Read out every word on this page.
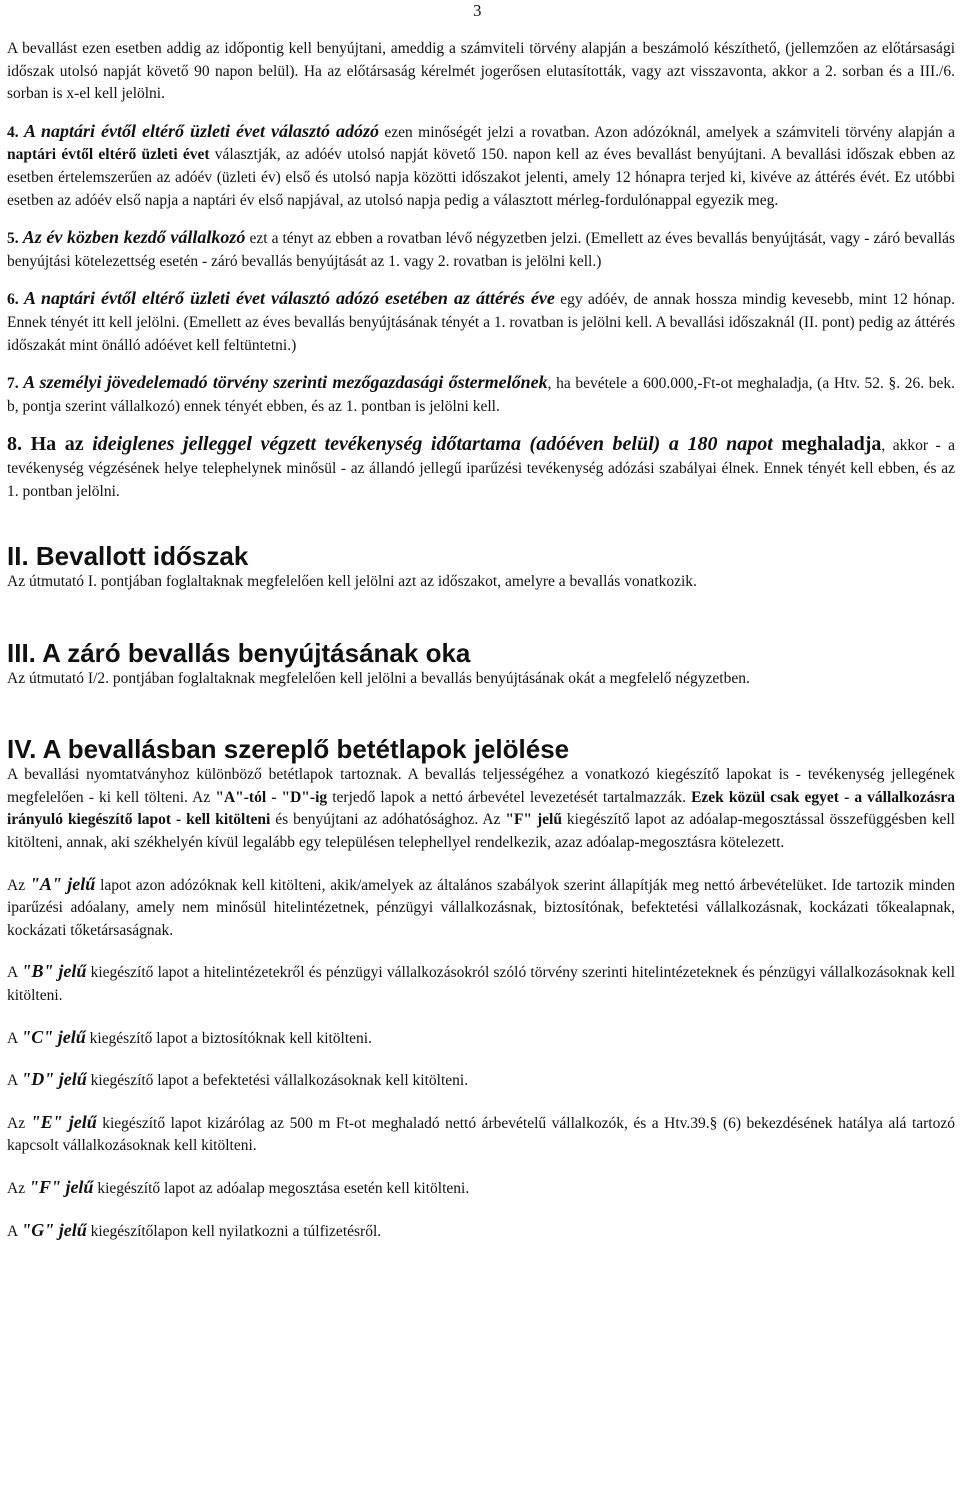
3

A bevallást ezen esetben addig az időpontig kell benyújtani, ameddig a számviteli törvény alapján a beszámoló készíthető, (jellemzően az előtársasági időszak utolsó napját követő 90 napon belül). Ha az előtársaság kérelmét jogerősen elutasították, vagy azt visszavonta, akkor a 2. sorban és a III./6. sorban is x-el kell jelölni.

4. A naptári évtől eltérő üzleti évet választó adózó ezen minőségét jelzi a rovatban. Azon adózóknál, amelyek a számviteli törvény alapján a naptári évtől eltérő üzleti évet választják, az adóév utolsó napját követő 150. napon kell az éves bevallást benyújtani. A bevallási időszak ebben az esetben értelemszerűen az adóév (üzleti év) első és utolsó napja közötti időszakot jelenti, amely 12 hónapra terjed ki, kivéve az áttérés évét. Ez utóbbi esetben az adóév első napja a naptári év első napjával, az utolsó napja pedig a választott mérleg-fordulónappal egyezik meg.

5. Az év közben kezdő vállalkozó ezt a tényt az ebben a rovatban lévő négyzetben jelzi. (Emellett az éves bevallás benyújtását, vagy - záró bevallás benyújtási kötelezettség esetén - záró bevallás benyújtását az 1. vagy 2. rovatban is jelölni kell.)

6. A naptári évtől eltérő üzleti évet választó adózó esetében az áttérés éve egy adóév, de annak hossza mindig kevesebb, mint 12 hónap. Ennek tényét itt kell jelölni. (Emellett az éves bevallás benyújtásának tényét a 1. rovatban is jelölni kell. A bevallási időszaknál (II. pont) pedig az áttérés időszakát mint önálló adóévet kell feltüntetni.)

7. A személyi jövedelemadó törvény szerinti mezőgazdasági őstermelőnek, ha bevétele a 600.000,-Ft-ot meghaladja, (a Htv. 52. §. 26. bek. b, pontja szerint vállalkozó) ennek tényét ebben, és az 1. pontban is jelölni kell.

8. Ha az ideiglenes jelleggel végzett tevékenység időtartama (adóéven belül) a 180 napot meghaladja, akkor - a tevékenység végzésének helye telephelynek minősül - az állandó jellegű iparűzési tevékenység adózási szabályai élnek. Ennek tényét kell ebben, és az 1. pontban jelölni.

II. Bevallott időszak

Az útmutató I. pontjában foglaltaknak megfelelően kell jelölni azt az időszakot, amelyre a bevallás vonatkozik.

III. A záró bevallás benyújtásának oka

Az útmutató I/2. pontjában foglaltaknak megfelelően kell jelölni a bevallás benyújtásának okát a megfelelő négyzetben.

IV. A bevallásban szereplő betétlapok jelölése

A bevallási nyomtatványhoz különböző betétlapok tartoznak. A bevallás teljességéhez a vonatkozó kiegészítő lapokat is - tevékenység jellegének megfelelően - ki kell tölteni. Az "A"-tól - "D"-ig terjedő lapok a nettó árbevétel levezetését tartalmazzák. Ezek közül csak egyet - a vállalkozásra irányuló kiegészítő lapot - kell kitölteni és benyújtani az adóhatósághoz. Az "F" jelű kiegészítő lapot az adóalap-megosztással összefüggésben kell kitölteni, annak, aki székhelyén kívül legalább egy településen telephellyel rendelkezik, azaz adóalap-megosztásra kötelezett.

Az "A" jelű lapot azon adózóknak kell kitölteni, akik/amelyek az általános szabályok szerint állapítják meg nettó árbevételüket. Ide tartozik minden iparűzési adóalany, amely nem minősül hitelintézetnek, pénzügyi vállalkozásnak, biztosítónak, befektetési vállalkozásnak, kockázati tőkealapnak, kockázati tőketársaságnak.

A "B" jelű kiegészítő lapot a hitelintézetekről és pénzügyi vállalkozásokról szóló törvény szerinti hitelintézeteknek és pénzügyi vállalkozásoknak kell kitölteni.

A "C" jelű kiegészítő lapot a biztosítóknak kell kitölteni.

A "D" jelű kiegészítő lapot a befektetési vállalkozásoknak kell kitölteni.

Az "E" jelű kiegészítő lapot kizárólag az 500 m Ft-ot meghaladó nettó árbevételű vállalkozók, és a Htv.39.§ (6) bekezdésének hatálya alá tartozó kapcsolt vállalkozásoknak kell kitölteni.

Az "F" jelű kiegészítő lapot az adóalap megosztása esetén kell kitölteni.

A "G" jelű kiegészítőlapon kell nyilatkozni a túlfizetésről.
